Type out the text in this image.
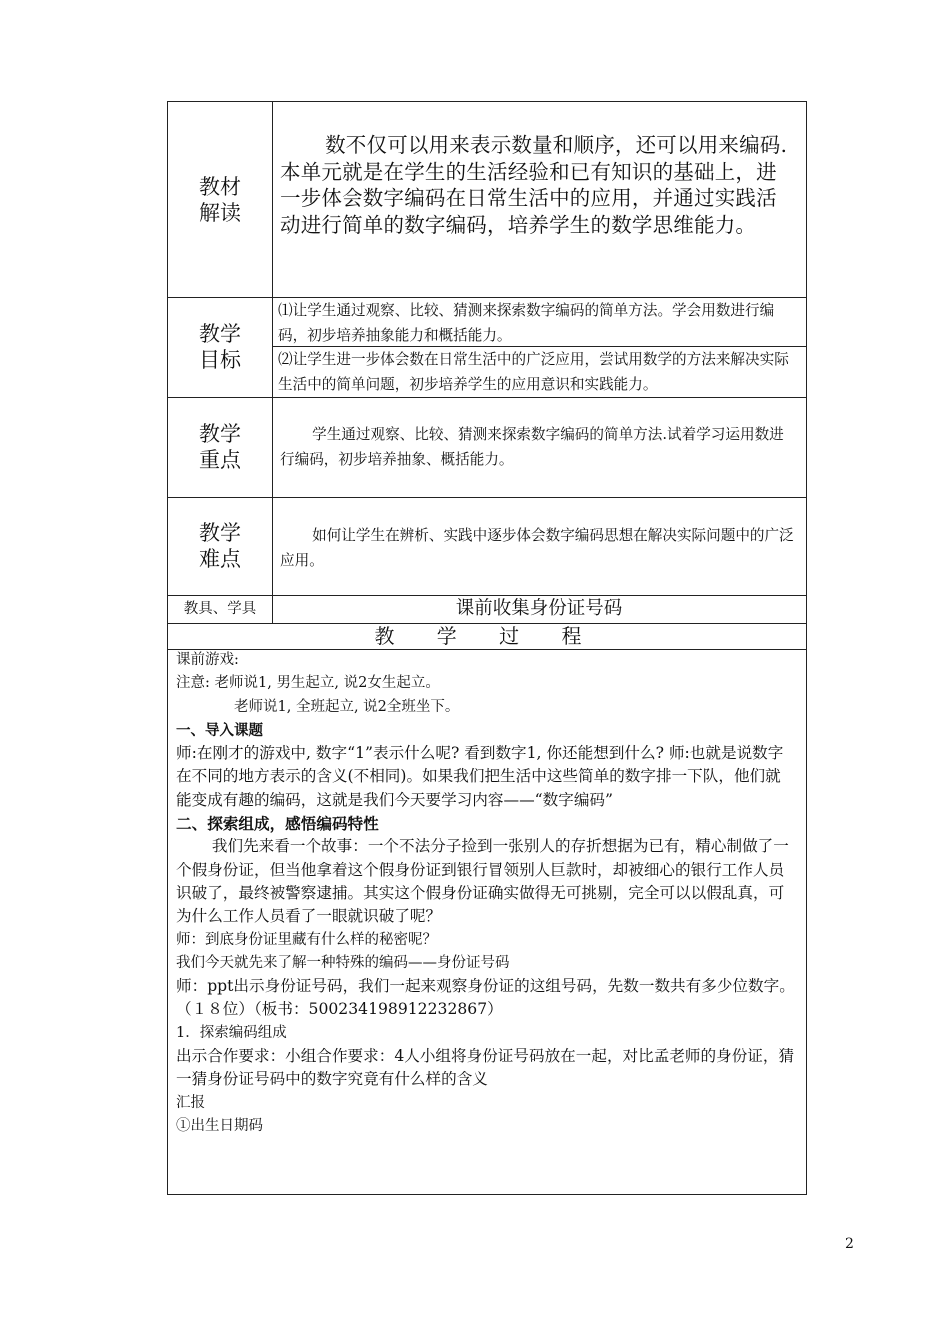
教材
解读
数不仅可以用来表示数量和顺序，还可以用来编码.本单元就是在学生的生活经验和已有知识的基础上，进一步体会数字编码在日常生活中的应用，并通过实践活动进行简单的数字编码，培养学生的数学思维能力。
教学
目标
⑴让学生通过观察、比较、猜测来探索数字编码的简单方法。学会用数进行编码，初步培养抽象能力和概括能力。
⑵让学生进一步体会数在日常生活中的广泛应用，尝试用数学的方法来解决实际生活中的简单问题，初步培养学生的应用意识和实践能力。
教学
重点
学生通过观察、比较、猜测来探索数字编码的简单方法.试着学习运用数进行编码，初步培养抽象、概括能力。
教学
难点
如何让学生在辨析、实践中逐步体会数字编码思想在解决实际问题中的广泛应用。
教具、学具	课前收集身份证号码
教 学 过 程

课前游戏:

注意: 老师说1, 男生起立, 说2女生起立。

老师说1, 全班起立, 说2全班坐下。

一、导入课题

师:在刚才的游戏中, 数字“1”表示什么呢? 看到数字1, 你还能想到什么? 师:也就是说数字在不同的地方表示的含义(不相同)。如果我们把生活中这些简单的数字排一下队，他们就能变成有趣的编码，这就是我们今天要学习内容——“数字编码”

二、探索组成，感悟编码特性

我们先来看一个故事：一个不法分子捡到一张别人的存折想据为已有，精心制做了一个假身份证，但当他拿着这个假身份证到银行冒领别人巨款时，却被细心的银行工作人员识破了，最终被警察逮捕。其实这个假身份证确实做得无可挑剔，完全可以以假乱真，可为什么工作人员看了一眼就识破了呢？

师：到底身份证里藏有什么样的秘密呢？

我们今天就先来了解一种特殊的编码——身份证号码

师：ppt出示身份证号码，我们一起来观察身份证的这组号码，先数一数共有多少位数字。（１８位）（板书：500234198912232867）

1．探索编码组成

出示合作要求：小组合作要求：4人小组将身份证号码放在一起，对比孟老师的身份证，猜一猜身份证号码中的数字究竟有什么样的含义

汇报

①出生日期码

2
